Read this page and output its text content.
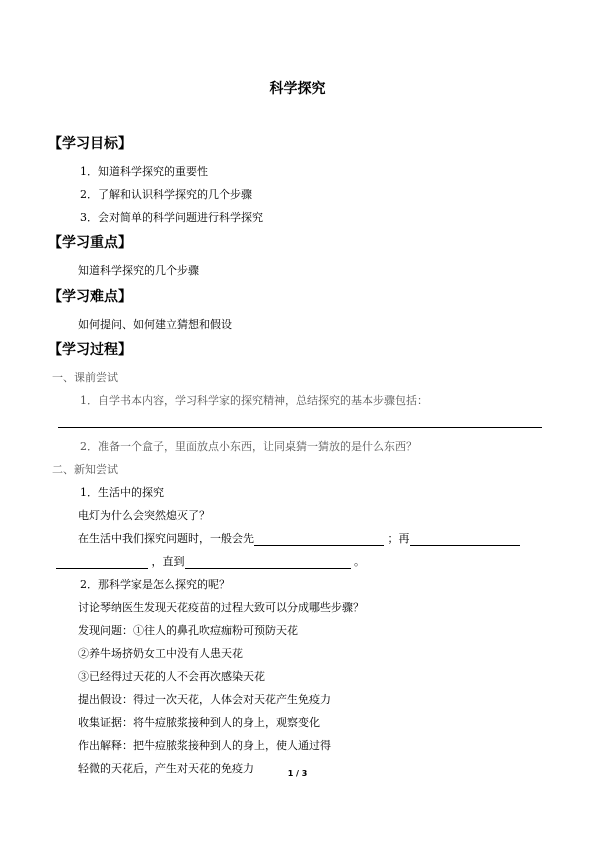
科学探究
【学习目标】
1．知道科学探究的重要性
2．了解和认识科学探究的几个步骤
3．会对简单的科学问题进行科学探究
【学习重点】
知道科学探究的几个步骤
【学习难点】
如何提问、如何建立猜想和假设
【学习过程】
一、课前尝试
1．自学书本内容，学习科学家的探究精神，总结探究的基本步骤包括：
2．准备一个盒子，里面放点小东西，让同桌猜一猜放的是什么东西？
二、新知尝试
1．生活中的探究
电灯为什么会突然熄灭了？
在生活中我们探究问题时，一般会先	；再
，直到	。
2．那科学家是怎么探究的呢？
讨论琴纳医生发现天花疫苗的过程大致可以分成哪些步骤？
发现问题：①往人的鼻孔吹痘痂粉可预防天花
②养牛场挤奶女工中没有人患天花
③已经得过天花的人不会再次感染天花
提出假设：得过一次天花，人体会对天花产生免疫力
收集证据：将牛痘脓浆接种到人的身上，观察变化
作出解释：把牛痘脓浆接种到人的身上，使人通过得
轻微的天花后，产生对天花的免疫力	1 / 3
